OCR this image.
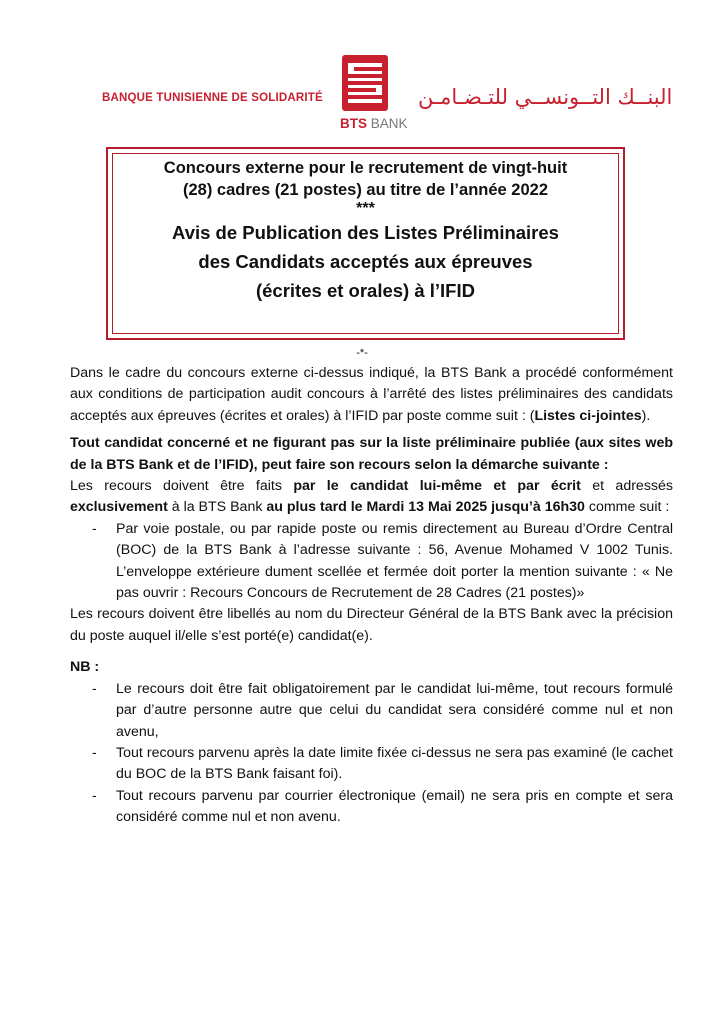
BANQUE TUNISIENNE DE SOLIDARITÉ
BTS BANK
البنــك التــونســي للتـضـامـن
Concours externe pour le recrutement de vingt-huit
(28) cadres (21 postes) au titre de l’année 2022
***
Avis de Publication des Listes Préliminaires
des Candidats acceptés aux épreuves
(écrites et orales) à l’IFID
-*-

Dans le cadre du concours externe ci-dessus indiqué, la BTS Bank a procédé conformément aux conditions de participation audit concours à l’arrêté des listes préliminaires des candidats acceptés aux épreuves (écrites et orales) à l’IFID par poste comme suit : (Listes ci-jointes).

Tout candidat concerné et ne figurant pas sur la liste préliminaire publiée (aux sites web de la BTS Bank et de l’IFID), peut faire son recours selon la démarche suivante :

Les recours doivent être faits par le candidat lui-même et par écrit et adressés exclusivement à la BTS Bank au plus tard le Mardi 13 Mai 2025 jusqu’à 16h30 comme suit :

- Par voie postale, ou par rapide poste ou remis directement au Bureau d’Ordre Central (BOC) de la BTS Bank à l’adresse suivante : 56, Avenue Mohamed V 1002 Tunis. L’enveloppe extérieure dument scellée et fermée doit porter la mention suivante : « Ne pas ouvrir : Recours Concours de Recrutement de 28 Cadres (21 postes)»

Les recours doivent être libellés au nom du Directeur Général de la BTS Bank avec la précision du poste auquel il/elle s’est porté(e) candidat(e).

NB :

- Le recours doit être fait obligatoirement par le candidat lui-même, tout recours formulé par d’autre personne autre que celui du candidat sera considéré comme nul et non avenu,
- Tout recours parvenu après la date limite fixée ci-dessus ne sera pas examiné (le cachet du BOC de la BTS Bank faisant foi).
- Tout recours parvenu par courrier électronique (email) ne sera pris en compte et sera considéré comme nul et non avenu.
